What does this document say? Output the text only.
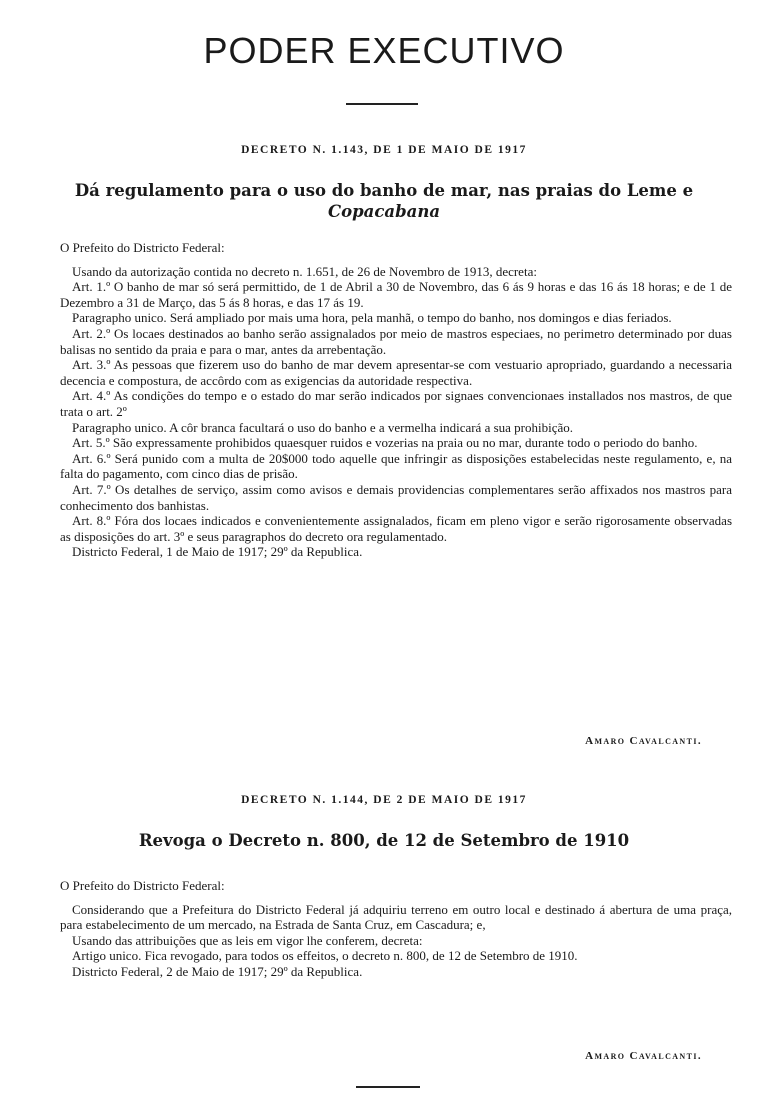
PODER EXECUTIVO
DECRETO N. 1.143, DE 1 DE MAIO DE 1917
Dá regulamento para o uso do banho de mar, nas praias do Leme e
Copacabana

O Prefeito do Districto Federal:

Usando da autorização contida no decreto n. 1.651, de 26 de Novembro de 1913, decreta:

Art. 1.º O banho de mar só será permittido, de 1 de Abril a 30 de Novembro, das 6 ás 9 horas e das 16 ás 18 horas; e de 1 de Dezembro a 31 de Março, das 5 ás 8 horas, e das 17 ás 19.

Paragrapho unico. Será ampliado por mais uma hora, pela manhã, o tempo do banho, nos domingos e dias feriados.

Art. 2.º Os locaes destinados ao banho serão assignalados por meio de mastros especiaes, no perimetro determinado por duas balisas no sentido da praia e para o mar, antes da arrebentação.

Art. 3.º As pessoas que fizerem uso do banho de mar devem apresentar-se com vestuario apropriado, guardando a necessaria decencia e compostura, de accôrdo com as exigencias da autoridade respectiva.

Art. 4.º As condições do tempo e o estado do mar serão indicados por signaes convencionaes installados nos mastros, de que trata o art. 2º

Paragrapho unico. A côr branca facultará o uso do banho e a vermelha indicará a sua prohibição.

Art. 5.º São expressamente prohibidos quaesquer ruidos e vozerias na praia ou no mar, durante todo o periodo do banho.

Art. 6.º Será punido com a multa de 20$000 todo aquelle que infringir as disposições estabelecidas neste regulamento, e, na falta do pagamento, com cinco dias de prisão.

Art. 7.º Os detalhes de serviço, assim como avisos e demais providencias complementares serão affixados nos mastros para conhecimento dos banhistas.

Art. 8.º Fóra dos locaes indicados e convenientemente assignalados, ficam em pleno vigor e serão rigorosamente observadas as disposições do art. 3º e seus paragraphos do decreto ora regulamentado.

Districto Federal, 1 de Maio de 1917; 29º da Republica.

Amaro Cavalcanti.
DECRETO N. 1.144, DE 2 DE MAIO DE 1917
Revoga o Decreto n. 800, de 12 de Setembro de 1910

O Prefeito do Districto Federal:

Considerando que a Prefeitura do Districto Federal já adquiriu terreno em outro local e destinado á abertura de uma praça, para estabelecimento de um mercado, na Estrada de Santa Cruz, em Cascadura; e,

Usando das attribuições que as leis em vigor lhe conferem, decreta:

Artigo unico. Fica revogado, para todos os effeitos, o decreto n. 800, de 12 de Setembro de 1910.

Districto Federal, 2 de Maio de 1917; 29º da Republica.

Amaro Cavalcanti.
